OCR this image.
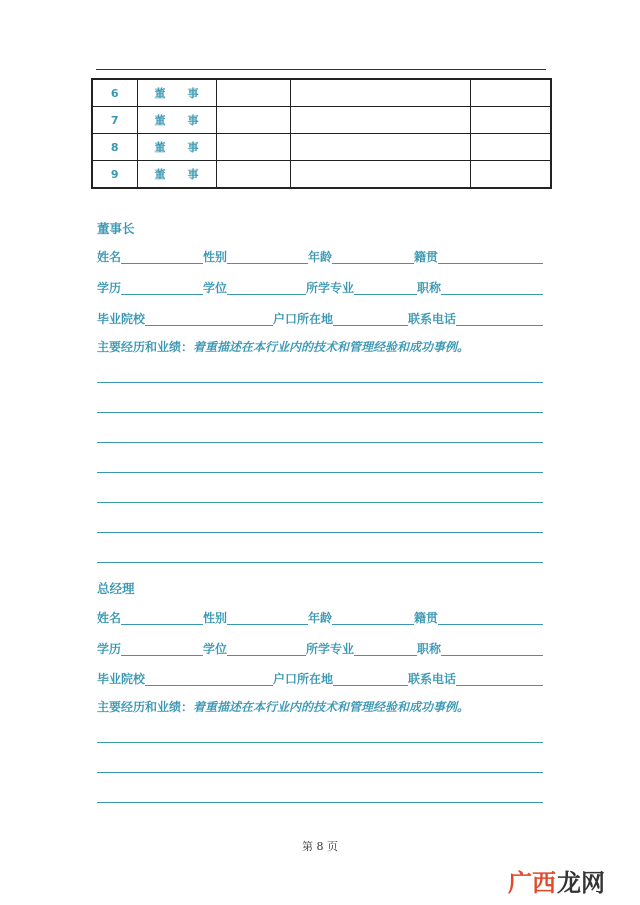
6	董　　事			
7	董　　事			
8	董　　事			
9	董　　事			
董事长
姓名	性别	年龄	籍贯
学历	学位	所学专业	职称
毕业院校	户口所在地	联系电话
主要经历和业绩：着重描述在本行业内的技术和管理经验和成功事例。
总经理
姓名	性别	年龄	籍贯
学历	学位	所学专业	职称
毕业院校	户口所在地	联系电话
主要经历和业绩：着重描述在本行业内的技术和管理经验和成功事例。
第 8 页
广西 龙网
